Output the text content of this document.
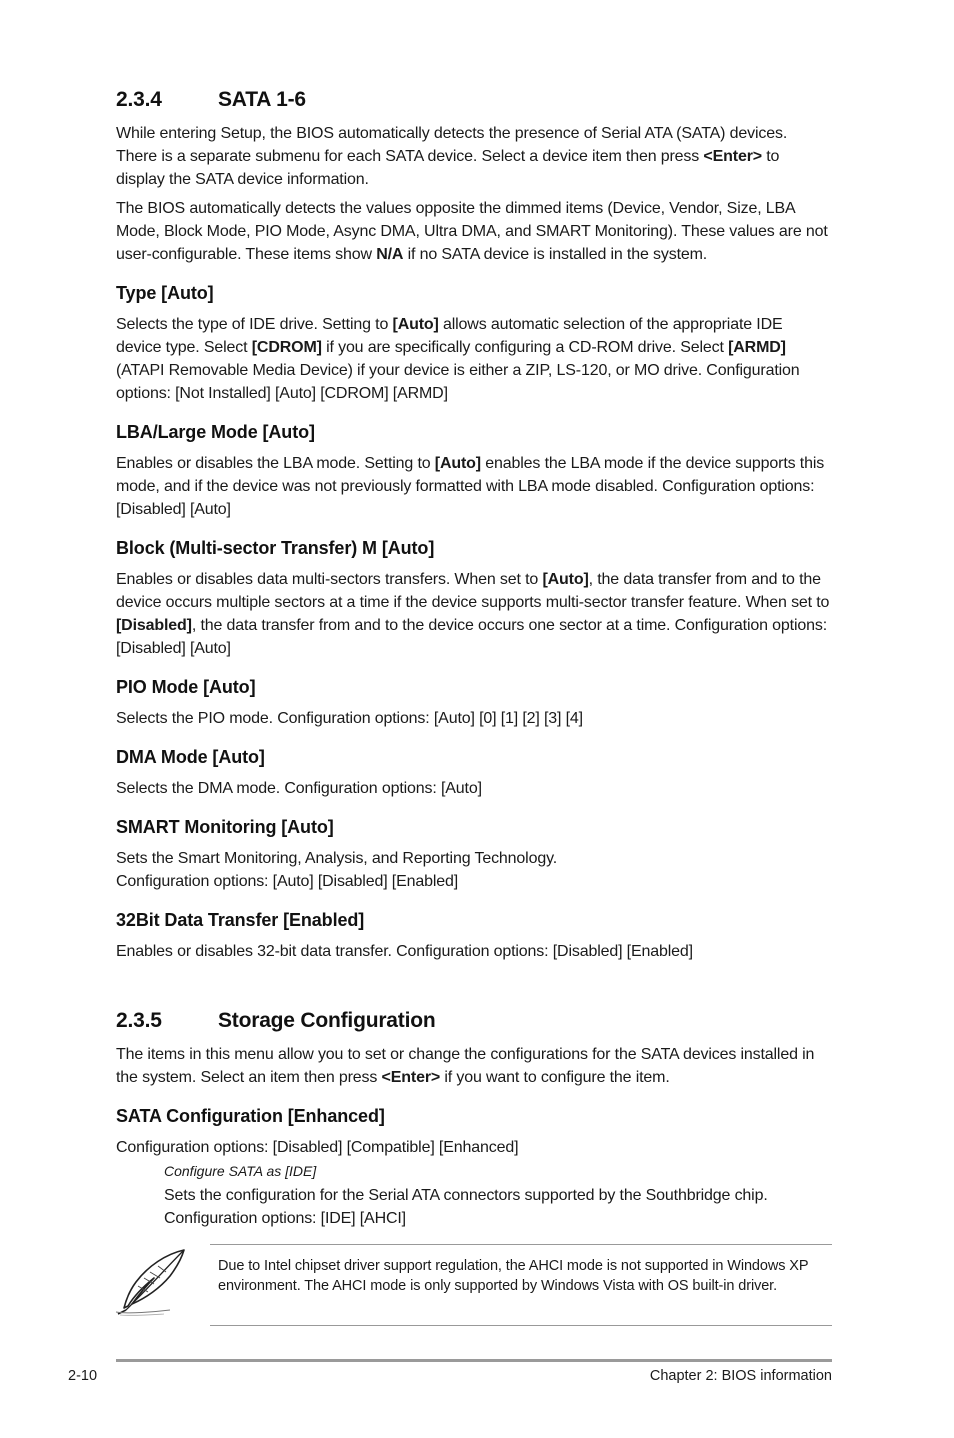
2.3.4	SATA 1-6

While entering Setup, the BIOS automatically detects the presence of Serial ATA (SATA) devices. There is a separate submenu for each SATA device. Select a device item then press <Enter> to display the SATA device information.

The BIOS automatically detects the values opposite the dimmed items (Device, Vendor, Size, LBA Mode, Block Mode, PIO Mode, Async DMA, Ultra DMA, and SMART Monitoring). These values are not user-configurable. These items show N/A if no SATA device is installed in the system.

Type [Auto]

Selects the type of IDE drive. Setting to [Auto] allows automatic selection of the appropriate IDE device type. Select [CDROM] if you are specifically configuring a CD-ROM drive. Select [ARMD] (ATAPI Removable Media Device) if your device is either a ZIP, LS-120, or MO drive. Configuration options: [Not Installed] [Auto] [CDROM] [ARMD]

LBA/Large Mode [Auto]

Enables or disables the LBA mode. Setting to [Auto] enables the LBA mode if the device supports this mode, and if the device was not previously formatted with LBA mode disabled. Configuration options: [Disabled] [Auto]

Block (Multi-sector Transfer) M [Auto]

Enables or disables data multi-sectors transfers. When set to [Auto], the data transfer from and to the device occurs multiple sectors at a time if the device supports multi-sector transfer feature. When set to [Disabled], the data transfer from and to the device occurs one sector at a time. Configuration options: [Disabled] [Auto]

PIO Mode [Auto]

Selects the PIO mode. Configuration options: [Auto] [0] [1] [2] [3] [4]

DMA Mode [Auto]

Selects the DMA mode. Configuration options: [Auto]

SMART Monitoring [Auto]

Sets the Smart Monitoring, Analysis, and Reporting Technology.

Configuration options: [Auto] [Disabled] [Enabled]

32Bit Data Transfer [Enabled]

Enables or disables 32-bit data transfer. Configuration options: [Disabled] [Enabled]

2.3.5	Storage Configuration

The items in this menu allow you to set or change the configurations for the SATA devices installed in the system. Select an item then press <Enter> if you want to configure the item.

SATA Configuration [Enhanced]

Configuration options: [Disabled] [Compatible] [Enhanced]

Configure SATA as [IDE]

Sets the configuration for the Serial ATA connectors supported by the Southbridge chip.

Configuration options: [IDE] [AHCI]

Due to Intel chipset driver support regulation, the AHCI mode is not supported in Windows XP environment. The AHCI mode is only supported by Windows Vista with OS built-in driver.
2-10	Chapter 2: BIOS information
